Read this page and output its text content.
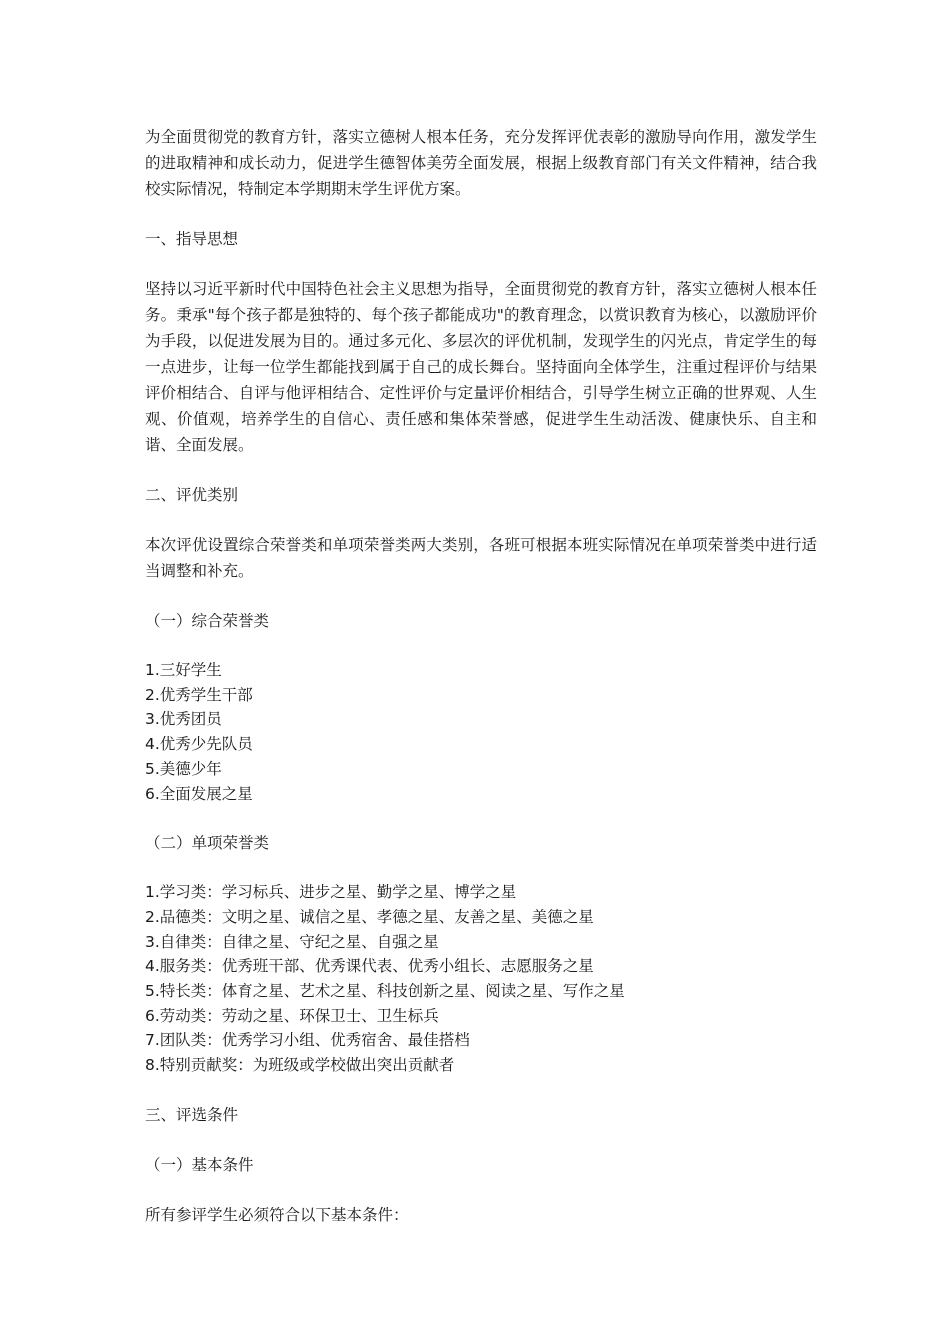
为全面贯彻党的教育方针，落实立德树人根本任务，充分发挥评优表彰的激励导向作用，激发学生的进取精神和成长动力，促进学生德智体美劳全面发展，根据上级教育部门有关文件精神，结合我校实际情况，特制定本学期期末学生评优方案。

一、指导思想

坚持以习近平新时代中国特色社会主义思想为指导，全面贯彻党的教育方针，落实立德树人根本任务。秉承"每个孩子都是独特的、每个孩子都能成功"的教育理念，以赏识教育为核心，以激励评价为手段，以促进发展为目的。通过多元化、多层次的评优机制，发现学生的闪光点，肯定学生的每一点进步，让每一位学生都能找到属于自己的成长舞台。坚持面向全体学生，注重过程评价与结果评价相结合、自评与他评相结合、定性评价与定量评价相结合，引导学生树立正确的世界观、人生观、价值观，培养学生的自信心、责任感和集体荣誉感，促进学生生动活泼、健康快乐、自主和谐、全面发展。

二、评优类别

本次评优设置综合荣誉类和单项荣誉类两大类别，各班可根据本班实际情况在单项荣誉类中进行适当调整和补充。

（一）综合荣誉类

1.三好学生
2.优秀学生干部
3.优秀团员
4.优秀少先队员
5.美德少年
6.全面发展之星

（二）单项荣誉类

1.学习类：学习标兵、进步之星、勤学之星、博学之星
2.品德类：文明之星、诚信之星、孝德之星、友善之星、美德之星
3.自律类：自律之星、守纪之星、自强之星
4.服务类：优秀班干部、优秀课代表、优秀小组长、志愿服务之星
5.特长类：体育之星、艺术之星、科技创新之星、阅读之星、写作之星
6.劳动类：劳动之星、环保卫士、卫生标兵
7.团队类：优秀学习小组、优秀宿舍、最佳搭档
8.特别贡献奖：为班级或学校做出突出贡献者

三、评选条件

（一）基本条件

所有参评学生必须符合以下基本条件：
